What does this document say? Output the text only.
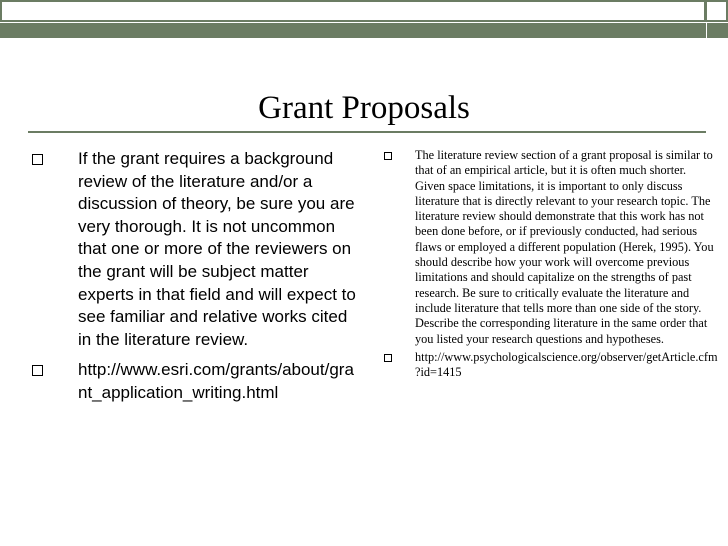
Grant Proposals
If the grant requires a background review of the literature and/or a discussion of theory, be sure you are very thorough. It is not uncommon that one or more of the reviewers on the grant will be subject matter experts in that field and will expect to see familiar and relative works cited in the literature review.
http://www.esri.com/grants/about/grant_application_writing.html
The literature review section of a grant proposal is similar to that of an empirical article, but it is often much shorter. Given space limitations, it is important to only discuss literature that is directly relevant to your research topic. The literature review should demonstrate that this work has not been done before, or if previously conducted, had serious flaws or employed a different population (Herek, 1995). You should describe how your work will overcome previous limitations and should capitalize on the strengths of past research. Be sure to critically evaluate the literature and include literature that tells more than one side of the story. Describe the corresponding literature in the same order that you listed your research questions and hypotheses.
http://www.psychologicalscience.org/observer/getArticle.cfm?id=1415
